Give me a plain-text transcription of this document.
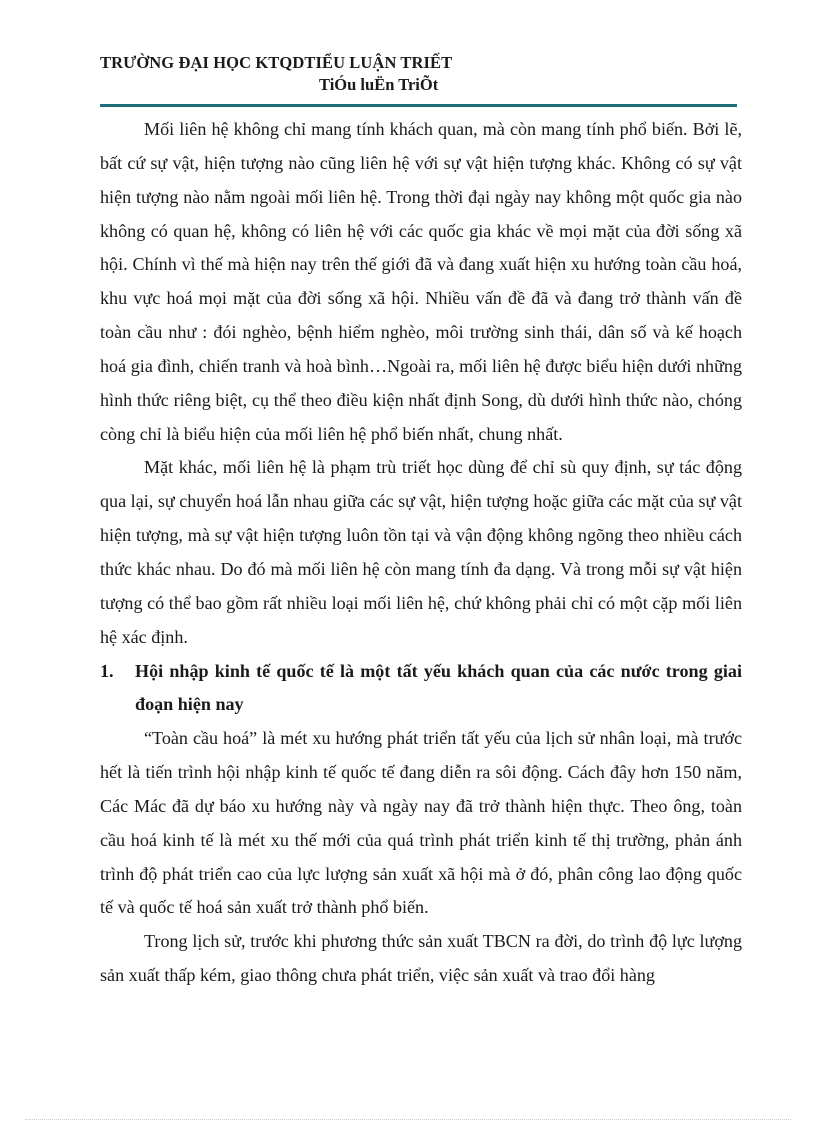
TRƯỜNG ĐẠI HỌC KTQDTIỂU LUẬN TRIẾT
TiÓu luËn TriÕt

Mối liên hệ không chỉ mang tính khách quan, mà còn mang tính phổ biến. Bởi lẽ, bất cứ sự vật, hiện tượng nào cũng liên hệ với sự vật hiện tượng khác. Không có sự vật hiện tượng nào nằm ngoài mối liên hệ. Trong thời đại ngày nay không một quốc gia nào không có quan hệ, không có liên hệ với các quốc gia khác về mọi mặt của đời sống xã hội. Chính vì thế mà hiện nay trên thế giới đã và đang xuất hiện xu hướng toàn cầu hoá, khu vực hoá mọi mặt của đời sống xã hội. Nhiều vấn đề đã và đang trở thành vấn đề toàn cầu như : đói nghèo, bệnh hiểm nghèo, môi trường sinh thái, dân số và kế hoạch hoá gia đình, chiến tranh và hoà bình…Ngoài ra, mối liên hệ được biểu hiện dưới những hình thức riêng biệt, cụ thể theo điều kiện nhất định Song, dù dưới hình thức nào, chóng còng chỉ là biểu hiện của mối liên hệ phổ biến nhất, chung nhất.

Mặt khác, mối liên hệ là phạm trù triết học dùng để chỉ sù quy định, sự tác động qua lại, sự chuyển hoá lẫn nhau giữa các sự vật, hiện tượng hoặc giữa các mặt của sự vật hiện tượng, mà sự vật hiện tượng luôn tồn tại và vận động không ngõng theo nhiều cách thức khác nhau. Do đó mà mối liên hệ còn mang tính đa dạng. Và trong mỗi sự vật hiện tượng có thể bao gồm rất nhiều loại mối liên hệ, chứ không phải chỉ có một cặp mối liên hệ xác định.

1. Hội nhập kinh tế quốc tế là một tất yếu khách quan của các nước trong giai đoạn hiện nay

“Toàn cầu hoá” là mét xu hướng phát triển tất yếu của lịch sử nhân loại, mà trước hết là tiến trình hội nhập kinh tế quốc tế đang diễn ra sôi động. Cách đây hơn 150 năm, Các Mác đã dự báo xu hướng này và ngày nay đã trở thành hiện thực. Theo ông, toàn cầu hoá kinh tế là mét xu thế mới của quá trình phát triển kinh tế thị trường, phản ánh trình độ phát triển cao của lực lượng sản xuất xã hội mà ở đó, phân công lao động quốc tế và quốc tế hoá sản xuất trở thành phổ biến.

Trong lịch sử, trước khi phương thức sản xuất TBCN ra đời, do trình độ lực lượng sản xuất thấp kém, giao thông chưa phát triển, việc sản xuất và trao đổi hàng
